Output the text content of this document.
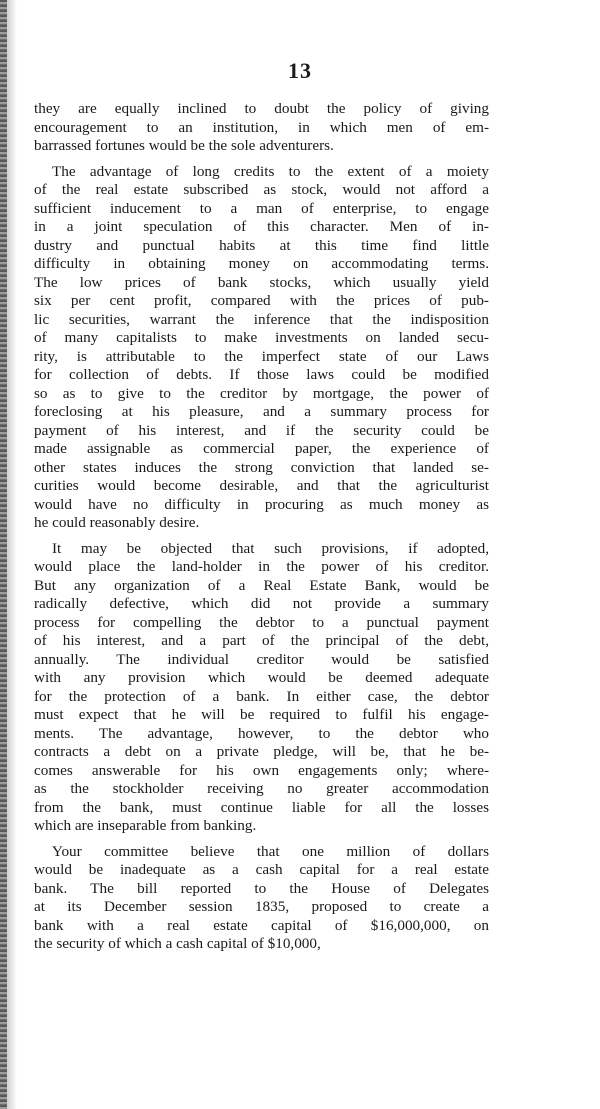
13
they are equally inclined to doubt the policy of giving
encouragement to an institution, in which men of em-
barrassed fortunes would be the sole adventurers.
The advantage of long credits to the extent of a moiety
of the real estate subscribed as stock, would not afford a
sufficient inducement to a man of enterprise, to engage
in a joint speculation of this character. Men of in-
dustry and punctual habits at this time find little
difficulty in obtaining money on accommodating terms.
The low prices of bank stocks, which usually yield
six per cent profit, compared with the prices of pub-
lic securities, warrant the inference that the indisposition
of many capitalists to make investments on landed secu-
rity, is attributable to the imperfect state of our Laws
for collection of debts. If those laws could be modified
so as to give to the creditor by mortgage, the power of
foreclosing at his pleasure, and a summary process for
payment of his interest, and if the security could be
made assignable as commercial paper, the experience of
other states induces the strong conviction that landed se-
curities would become desirable, and that the agriculturist
would have no difficulty in procuring as much money as
he could reasonably desire.
It may be objected that such provisions, if adopted,
would place the land-holder in the power of his creditor.
But any organization of a Real Estate Bank, would be
radically defective, which did not provide a summary
process for compelling the debtor to a punctual payment
of his interest, and a part of the principal of the debt,
annually. The individual creditor would be satisfied
with any provision which would be deemed adequate
for the protection of a bank. In either case, the debtor
must expect that he will be required to fulfil his engage-
ments. The advantage, however, to the debtor who
contracts a debt on a private pledge, will be, that he be-
comes answerable for his own engagements only; where-
as the stockholder receiving no greater accommodation
from the bank, must continue liable for all the losses
which are inseparable from banking.
Your committee believe that one million of dollars
would be inadequate as a cash capital for a real estate
bank. The bill reported to the House of Delegates
at its December session 1835, proposed to create a
bank with a real estate capital of $16,000,000, on
the security of which a cash capital of $10,000,
